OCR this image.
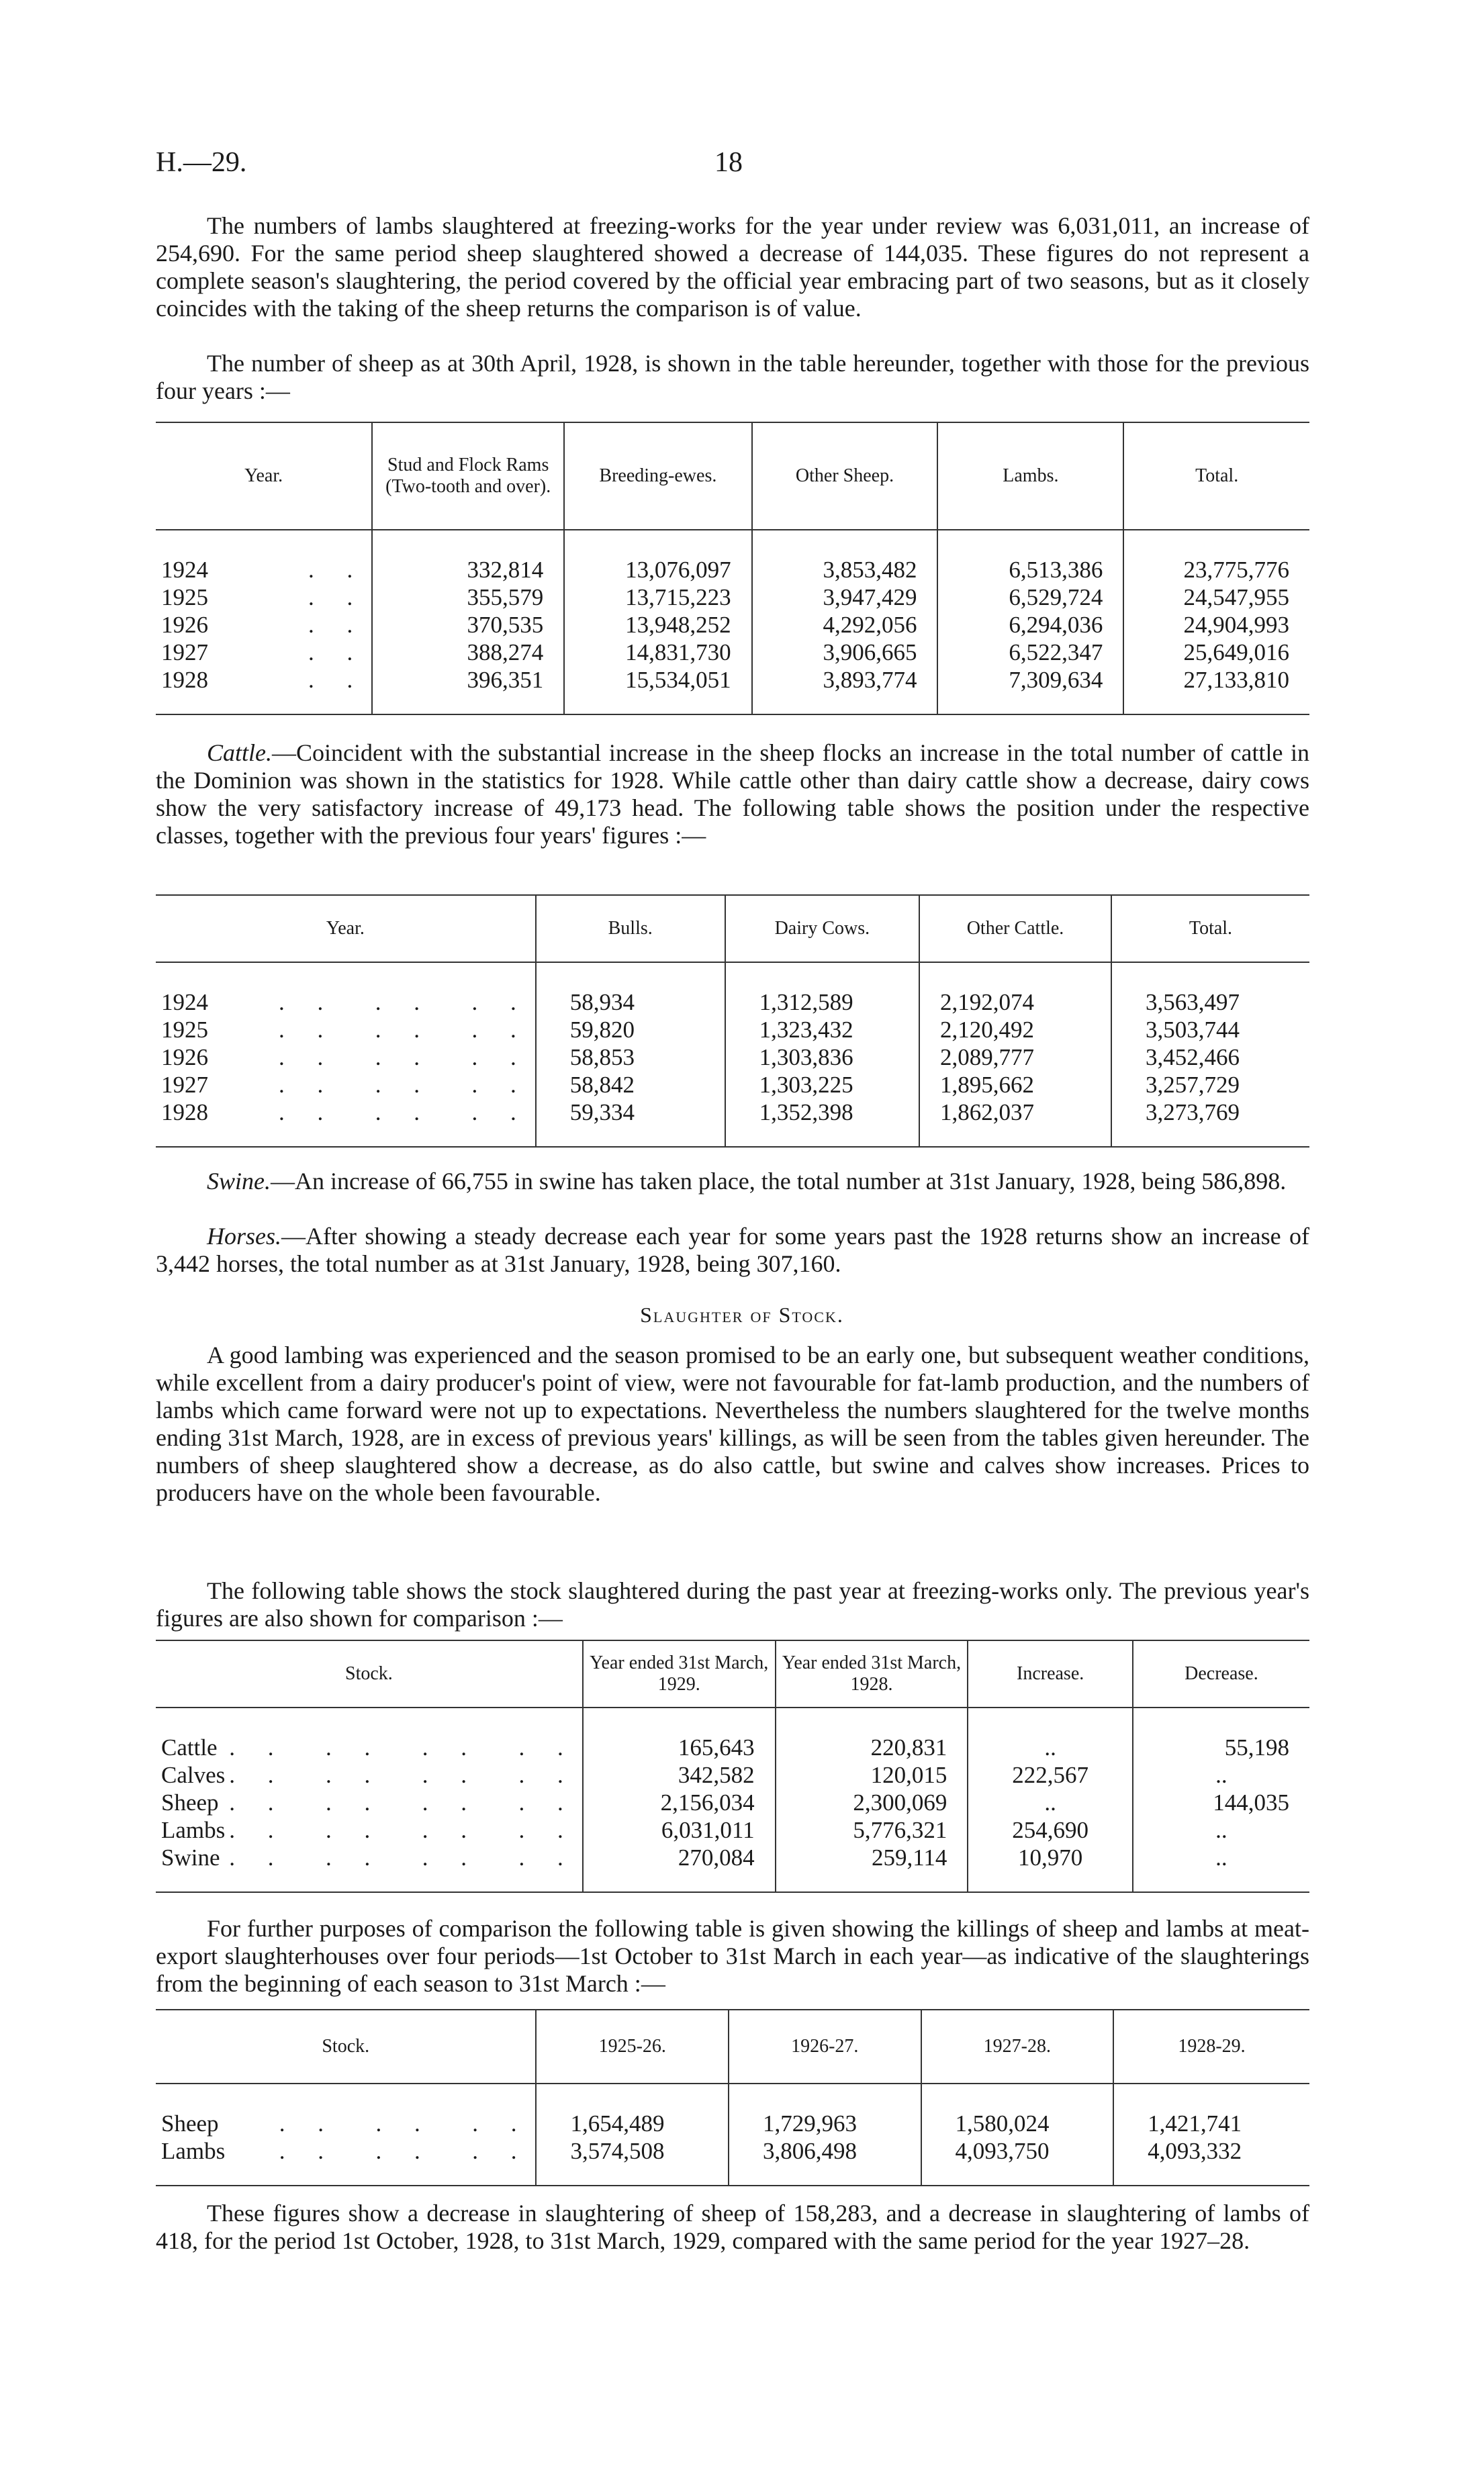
H.—29.	18

The numbers of lambs slaughtered at freezing-works for the year under review was 6,031,011, an increase of 254,690. For the same period sheep slaughtered showed a decrease of 144,035. These figures do not represent a complete season's slaughtering, the period covered by the official year embracing part of two seasons, but as it closely coincides with the taking of the sheep returns the comparison is of value.

The number of sheep as at 30th April, 1928, is shown in the table hereunder, together with those for the previous four years :—

Year.	Stud and Flock Rams (Two-tooth and over).	Breeding-ewes.	Other Sheep.	Lambs.	Total.

1924 . .	332,814	13,076,097	3,853,482	6,513,386	23,775,776

1925 . .	355,579	13,715,223	3,947,429	6,529,724	24,547,955

1926 . .	370,535	13,948,252	4,292,056	6,294,036	24,904,993

1927 . .	388,274	14,831,730	3,906,665	6,522,347	25,649,016

1928 . .	396,351	15,534,051	3,893,774	7,309,634	27,133,810

Cattle.—Coincident with the substantial increase in the sheep flocks an increase in the total number of cattle in the Dominion was shown in the statistics for 1928. While cattle other than dairy cattle show a decrease, dairy cows show the very satisfactory increase of 49,173 head. The following table shows the position under the respective classes, together with the previous four years' figures :—

Year.	Bulls.	Dairy Cows.	Other Cattle.	Total.

1924 . .  . .  . .	58,934	1,312,589	2,192,074	3,563,497

1925 . .  . .  . .	59,820	1,323,432	2,120,492	3,503,744

1926 . .  . .  . .	58,853	1,303,836	2,089,777	3,452,466

1927 . .  . .  . .	58,842	1,303,225	1,895,662	3,257,729

1928 . .  . .  . .	59,334	1,352,398	1,862,037	3,273,769

Swine.—An increase of 66,755 in swine has taken place, the total number at 31st January, 1928, being 586,898.

Horses.—After showing a steady decrease each year for some years past the 1928 returns show an increase of 3,442 horses, the total number as at 31st January, 1928, being 307,160.

Slaughter of Stock.

A good lambing was experienced and the season promised to be an early one, but subsequent weather conditions, while excellent from a dairy producer's point of view, were not favourable for fat-lamb production, and the numbers of lambs which came forward were not up to expectations. Nevertheless the numbers slaughtered for the twelve months ending 31st March, 1928, are in excess of previous years' killings, as will be seen from the tables given hereunder. The numbers of sheep slaughtered show a decrease, as do also cattle, but swine and calves show increases. Prices to producers have on the whole been favourable.

The following table shows the stock slaughtered during the past year at freezing-works only. The previous year's figures are also shown for comparison :—

Stock.	Year ended 31st March, 1929.	Year ended 31st March, 1928.	Increase.	Decrease.

Cattle . .  . .  . .  . .	165,643	220,831	..	55,198

Calves . .  . .  . .  . .	342,582	120,015	222,567	..

Sheep . .  . .  . .  . .	2,156,034	2,300,069	..	144,035

Lambs . .  . .  . .  . .	6,031,011	5,776,321	254,690	..

Swine . .  . .  . .  . .	270,084	259,114	10,970	..

For further purposes of comparison the following table is given showing the killings of sheep and lambs at meat-export slaughterhouses over four periods—1st October to 31st March in each year—as indicative of the slaughterings from the beginning of each season to 31st March :—

Stock.	1925-26.	1926-27.	1927-28.	1928-29.

Sheep . .  . .  . .	1,654,489	1,729,963	1,580,024	1,421,741

Lambs . .  . .  . .	3,574,508	3,806,498	4,093,750	4,093,332

These figures show a decrease in slaughtering of sheep of 158,283, and a decrease in slaughtering of lambs of 418, for the period 1st October, 1928, to 31st March, 1929, compared with the same period for the year 1927–28.
